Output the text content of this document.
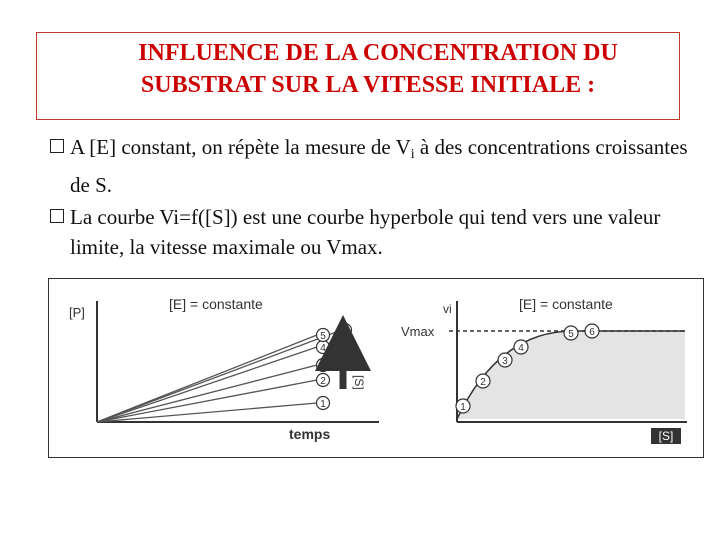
INFLUENCE DE LA CONCENTRATION DU
SUBSTRAT SUR LA VITESSE INITIALE :
A [E] constant, on répète la mesure de Vi à des concentrations croissantes de S.
La courbe Vi=f([S]) est une courbe hyperbole qui tend vers une valeur limite, la vitesse maximale ou Vmax.
[P]
[E] = constante
temps
1
2
3
4
5 6
[S]
vi
Vmax
[E] = constante
[S]
1
2
3
4
5 6
